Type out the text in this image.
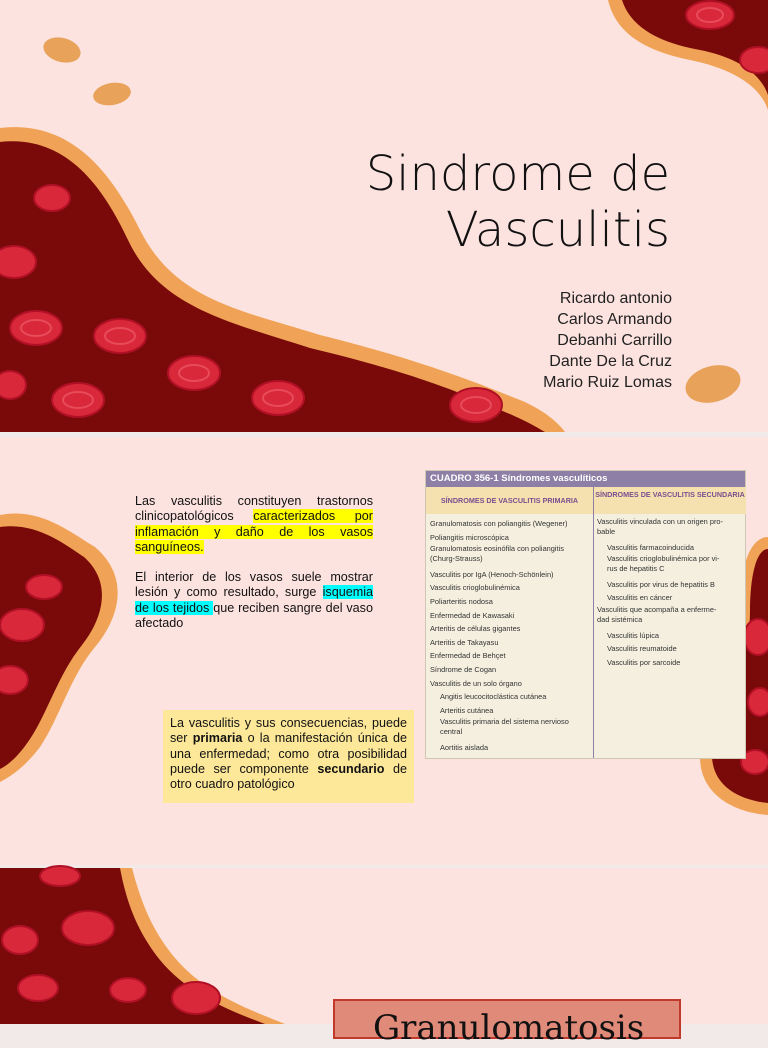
Sindrome de
Vasculitis
Ricardo antonio
Carlos Armando
Debanhi Carrillo
Dante De la Cruz
Mario Ruiz Lomas

Las vasculitis constituyen trastornos clinicopatológicos caracterizados por inflamación y daño de los vasos sanguíneos.

El interior de los vasos suele mostrar lesión y como resultado, surge isquemia de los tejidos que reciben sangre del vaso afectado

La vasculitis y sus consecuencias, puede ser primaria o la manifestación única de una enfermedad; como otra posibilidad puede ser componente secundario de otro cuadro patológico
CUADRO 356-1 Síndromes vasculíticos
SÍNDROMES DE VASCULITIS PRIMARIA
SÍNDROMES DE VASCULITIS SECUNDARIA
Granulomatosis con poliangitis (Wegener)
Poliangitis microscópica
Granulomatosis eosinófila con poliangitis
(Churg-Strauss)
Vasculitis por IgA (Henoch-Schönlein)
Vasculitis crioglobulinémica
Poliarteritis nodosa
Enfermedad de Kawasaki
Arteritis de células gigantes
Arteritis de Takayasu
Enfermedad de Behçet
Síndrome de Cogan
Vasculitis de un solo órgano
Angitis leucocitoclástica cutánea
Arteritis cutánea
Vasculitis primaria del sistema nervioso
central
Aortitis aislada
Vasculitis vinculada con un origen pro-
bable
Vasculitis farmacoinducida
Vasculitis crioglobulinémica por vi-
rus de hepatitis C
Vasculitis por virus de hepatitis B
Vasculitis en cáncer
Vasculitis que acompaña a enferme-
dad sistémica
Vasculitis lúpica
Vasculitis reumatoide
Vasculitis por sarcoide
Granulomatosis
